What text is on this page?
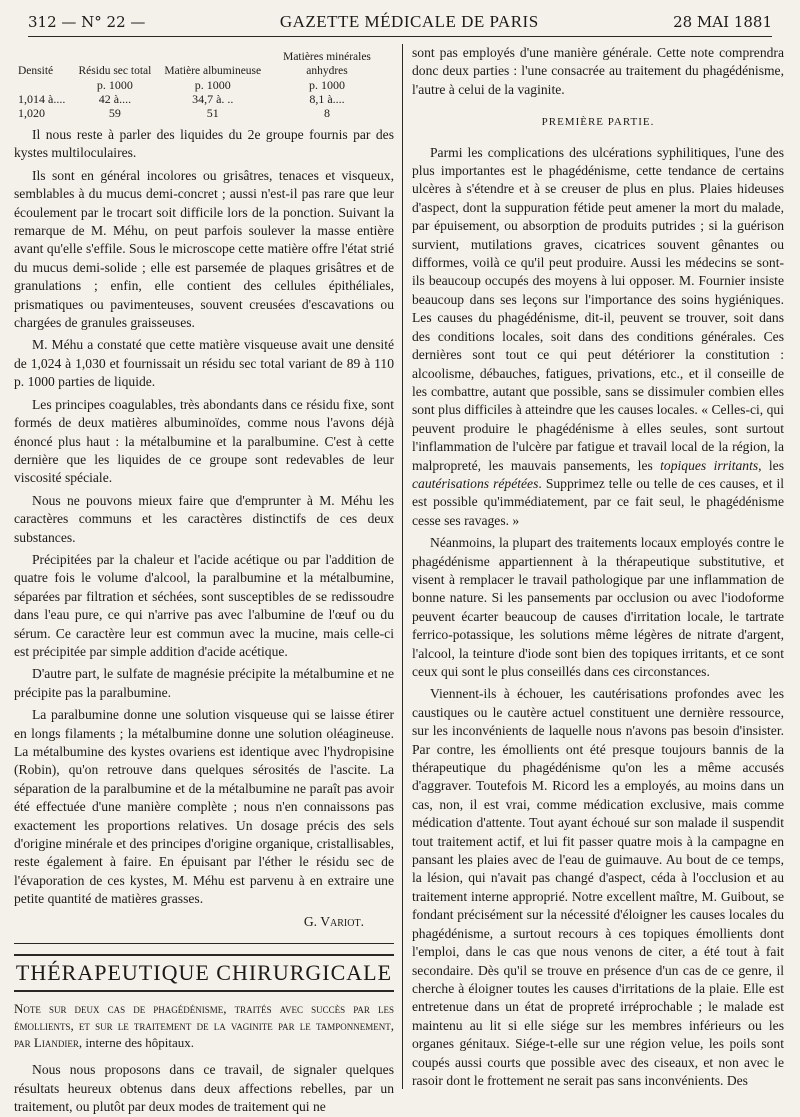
312 — N° 22 —	GAZETTE MÉDICALE DE PARIS	28 MAI 1881
Densité	Résidu sec total	Matière albumineuse	Matières minérales anhydres
	p. 1000	p. 1000	p. 1000
1,014 à....	42 à....	34,7 à. ..	8,1 à....
1,020	59	51	8

Il nous reste à parler des liquides du 2e groupe fournis par des kystes multiloculaires.

Ils sont en général incolores ou grisâtres, tenaces et visqueux, semblables à du mucus demi-concret ; aussi n'est-il pas rare que leur écoulement par le trocart soit difficile lors de la ponction. Suivant la remarque de M. Méhu, on peut parfois soulever la masse entière avant qu'elle s'effile. Sous le microscope cette matière offre l'état strié du mucus demi-solide ; elle est parsemée de plaques grisâtres et de granulations ; enfin, elle contient des cellules épithéliales, prismatiques ou pavimenteuses, souvent creusées d'escavations ou chargées de granules graisseuses.

M. Méhu a constaté que cette matière visqueuse avait une densité de 1,024 à 1,030 et fournissait un résidu sec total variant de 89 à 110 p. 1000 parties de liquide.

Les principes coagulables, très abondants dans ce résidu fixe, sont formés de deux matières albuminoïdes, comme nous l'avons déjà énoncé plus haut : la métalbumine et la paralbumine. C'est à cette dernière que les liquides de ce groupe sont redevables de leur viscosité spéciale.

Nous ne pouvons mieux faire que d'emprunter à M. Méhu les caractères communs et les caractères distinctifs de ces deux substances.

Précipitées par la chaleur et l'acide acétique ou par l'addition de quatre fois le volume d'alcool, la paralbumine et la métalbumine, séparées par filtration et séchées, sont susceptibles de se redissoudre dans l'eau pure, ce qui n'arrive pas avec l'albumine de l'œuf ou du sérum. Ce caractère leur est commun avec la mucine, mais celle-ci est précipitée par simple addition d'acide acétique.

D'autre part, le sulfate de magnésie précipite la métalbumine et ne précipite pas la paralbumine.

La paralbumine donne une solution visqueuse qui se laisse étirer en longs filaments ; la métalbumine donne une solution oléagineuse. La métalbumine des kystes ovariens est identique avec l'hydropisine (Robin), qu'on retrouve dans quelques sérosités de l'ascite. La séparation de la paralbumine et de la métalbumine ne paraît pas avoir été effectuée d'une manière complète ; nous n'en connaissons pas exactement les proportions relatives. Un dosage précis des sels d'origine minérale et des principes d'origine organique, cristallisables, reste également à faire. En épuisant par l'éther le résidu sec de l'évaporation de ces kystes, M. Méhu est parvenu à en extraire une petite quantité de matières grasses.

G. Variot.
THÉRAPEUTIQUE CHIRURGICALE

Note sur deux cas de phagédénisme, traités avec succès par les émollients, et sur le traitement de la vaginite par le tamponnement, par Liandier, interne des hôpitaux.

Nous nous proposons dans ce travail, de signaler quelques résultats heureux obtenus dans deux affections rebelles, par un traitement, ou plutôt par deux modes de traitement qui ne

sont pas employés d'une manière générale. Cette note comprendra donc deux parties : l'une consacrée au traitement du phagédénisme, l'autre à celui de la vaginite.

PREMIÈRE PARTIE.

Parmi les complications des ulcérations syphilitiques, l'une des plus importantes est le phagédénisme, cette tendance de certains ulcères à s'étendre et à se creuser de plus en plus. Plaies hideuses d'aspect, dont la suppuration fétide peut amener la mort du malade, par épuisement, ou absorption de produits putrides ; si la guérison survient, mutilations graves, cicatrices souvent gênantes ou difformes, voilà ce qu'il peut produire. Aussi les médecins se sont-ils beaucoup occupés des moyens à lui opposer. M. Fournier insiste beaucoup dans ses leçons sur l'importance des soins hygiéniques. Les causes du phagédénisme, dit-il, peuvent se trouver, soit dans des conditions locales, soit dans des conditions générales. Ces dernières sont tout ce qui peut détériorer la constitution : alcoolisme, débauches, fatigues, privations, etc., et il conseille de les combattre, autant que possible, sans se dissimuler combien elles sont plus difficiles à atteindre que les causes locales. « Celles-ci, qui peuvent produire le phagédénisme à elles seules, sont surtout l'inflammation de l'ulcère par fatigue et travail local de la région, la malpropreté, les mauvais pansements, les topiques irritants, les cautérisations répétées. Supprimez telle ou telle de ces causes, et il est possible qu'immédiatement, par ce fait seul, le phagédénisme cesse ses ravages. »

Néanmoins, la plupart des traitements locaux employés contre le phagédénisme appartiennent à la thérapeutique substitutive, et visent à remplacer le travail pathologique par une inflammation de bonne nature. Si les pansements par occlusion ou avec l'iodoforme peuvent écarter beaucoup de causes d'irritation locale, le tartrate ferrico-potassique, les solutions même légères de nitrate d'argent, l'alcool, la teinture d'iode sont bien des topiques irritants, et ce sont ceux qui sont le plus conseillés dans ces circonstances.

Viennent-ils à échouer, les cautérisations profondes avec les caustiques ou le cautère actuel constituent une dernière ressource, sur les inconvénients de laquelle nous n'avons pas besoin d'insister. Par contre, les émollients ont été presque toujours bannis de la thérapeutique du phagédénisme qu'on les a même accusés d'aggraver. Toutefois M. Ricord les a employés, au moins dans un cas, non, il est vrai, comme médication exclusive, mais comme médication d'attente. Tout ayant échoué sur son malade il suspendit tout traitement actif, et lui fit passer quatre mois à la campagne en pansant les plaies avec de l'eau de guimauve. Au bout de ce temps, la lésion, qui n'avait pas changé d'aspect, céda à l'occlusion et au traitement interne approprié. Notre excellent maître, M. Guibout, se fondant précisément sur la nécessité d'éloigner les causes locales du phagédénisme, a surtout recours à ces topiques émollients dont l'emploi, dans le cas que nous venons de citer, a été tout à fait secondaire. Dès qu'il se trouve en présence d'un cas de ce genre, il cherche à éloigner toutes les causes d'irritations de la plaie. Elle est entretenue dans un état de propreté irréprochable ; le malade est maintenu au lit si elle siége sur les membres inférieurs ou les organes génitaux. Siége-t-elle sur une région velue, les poils sont coupés aussi courts que possible avec des ciseaux, et non avec le rasoir dont le frottement ne serait pas sans inconvénients. Des
